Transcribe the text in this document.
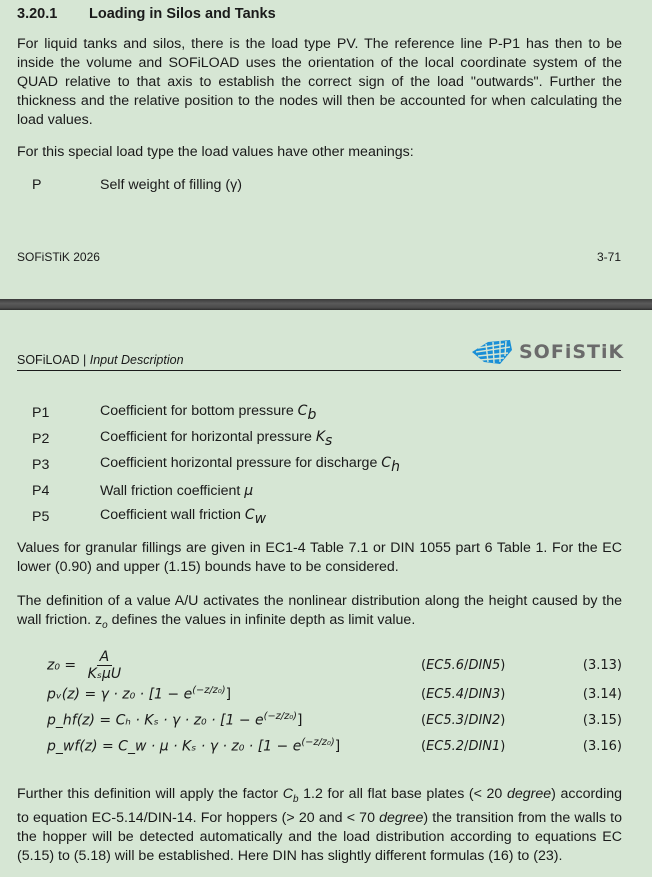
3.20.1	Loading in Silos and Tanks
For liquid tanks and silos, there is the load type PV. The reference line P-P1 has then to be inside the volume and SOFiLOAD uses the orientation of the local coordinate system of the QUAD relative to that axis to establish the correct sign of the load "outwards". Further the thickness and the relative position to the nodes will then be accounted for when calculating the load values.
For this special load type the load values have other meanings:
P	Self weight of filling (γ)
SOFiSTiK 2026	3-71
SOFiLOAD | Input Description	SOFiSTiK
P1	Coefficient for bottom pressure $C_b$
P2	Coefficient for horizontal pressure $K_s$
P3	Coefficient horizontal pressure for discharge $C_h$
P4	Wall friction coefficient μ
P5	Coefficient wall friction $C_w$
Values for granular fillings are given in EC1-4 Table 7.1 or DIN 1055 part 6 Table 1. For the EC lower (0.90) and upper (1.15) bounds have to be considered.
The definition of a value A/U activates the nonlinear distribution along the height caused by the wall friction. $z_o$ defines the values in infinite depth as limit value.
$z_0 = \frac{A}{\text{KₛμU}}$	(EC5.6/DIN5)	(3.13)
pᵥ(z) = $\gamma \cdot z_0 \cdot [1 - e^{(-z/z_0)}]$	(EC5.4/DIN3)	(3.14)
p_hf(z) = $C_h \cdot K_s \cdot \gamma \cdot z_0 \cdot [1 - e^{(-z/z_0)}]$	(EC5.3/DIN2)	(3.15)
p_wf(z) = C_w · $\mu \cdot K_s \cdot \gamma \cdot z_0 \cdot [1 - e^{(-z/z_0)}]$	(EC5.2/DIN1)	(3.16)
Further this definition will apply the factor $C_b$ 1.2 for all flat base plates (< 20 degree) according to equation EC-5.14/DIN-14. For hoppers (> 20 and < 70 degree) the transition from the walls to the hopper will be detected automatically and the load distribution according to equations EC (5.15) to (5.18) will be established. Here DIN has slightly different formulas (16) to (23).
